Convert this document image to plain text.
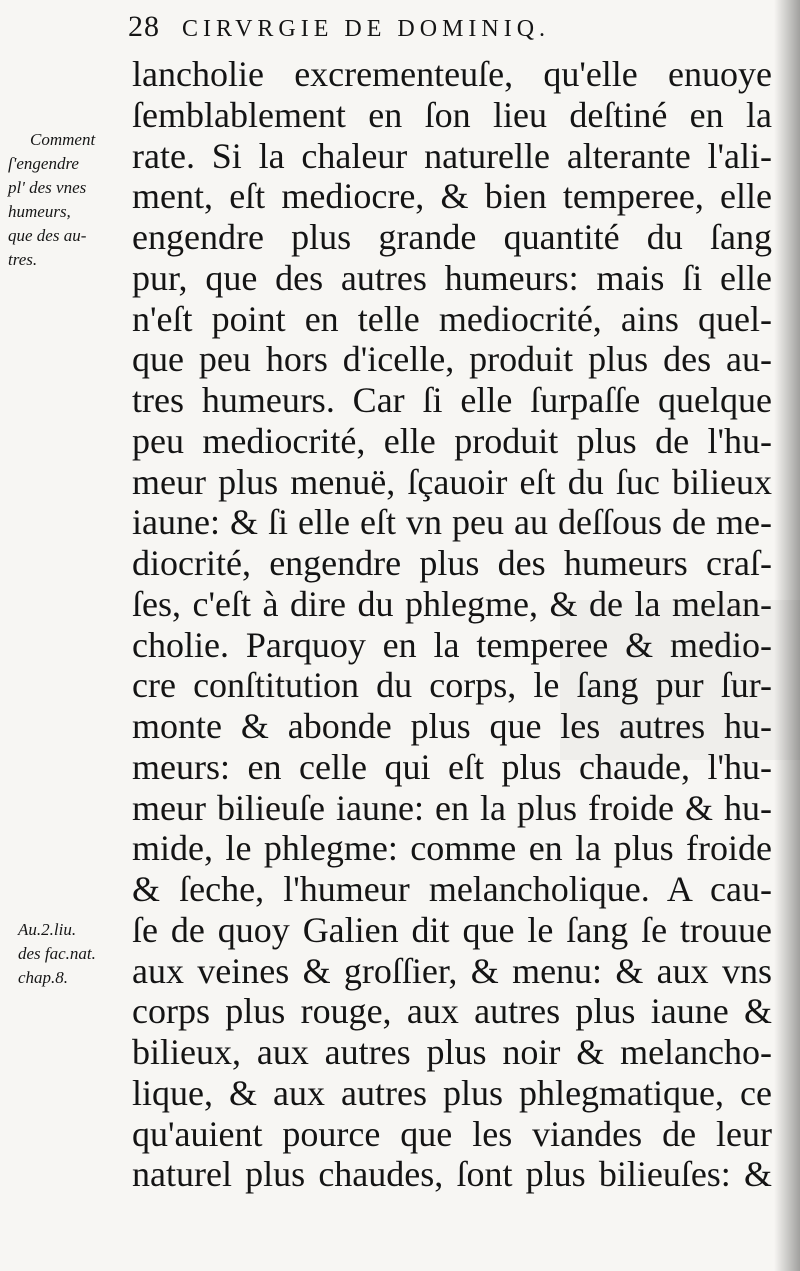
28 CIRVRGIE DE DOMINIQ.
Comment
ſ'engendre
pl' des vnes
humeurs,
que des au-
tres.
Au.2.liu.
des fac.nat.
chap.8.
lancholie excrementeuſe, qu'elle enuoye
ſemblablement en ſon lieu deſtiné en la
rate. Si la chaleur naturelle alterante l'ali-
ment, eſt mediocre, & bien temperee, elle
engendre plus grande quantité du ſang
pur, que des autres humeurs: mais ſi elle
n'eſt point en telle mediocrité, ains quel-
que peu hors d'icelle, produit plus des au-
tres humeurs. Car ſi elle ſurpaſſe quelque
peu mediocrité, elle produit plus de l'hu-
meur plus menuë, ſçauoir eſt du ſuc bilieux
iaune: & ſi elle eſt vn peu au deſſous de me-
diocrité, engendre plus des humeurs craſ-
ſes, c'eſt à dire du phlegme, & de la melan-
cholie. Parquoy en la temperee & medio-
cre conſtitution du corps, le ſang pur ſur-
monte & abonde plus que les autres hu-
meurs: en celle qui eſt plus chaude, l'hu-
meur bilieuſe iaune: en la plus froide & hu-
mide, le phlegme: comme en la plus froide
& ſeche, l'humeur melancholique. A cau-
ſe de quoy Galien dit que le ſang ſe trouue
aux veines & groſſier, & menu: & aux vns
corps plus rouge, aux autres plus iaune &
bilieux, aux autres plus noir & melancho-
lique, & aux autres plus phlegmatique, ce
qu'auient pource que les viandes de leur
naturel plus chaudes, ſont plus bilieuſes: &
